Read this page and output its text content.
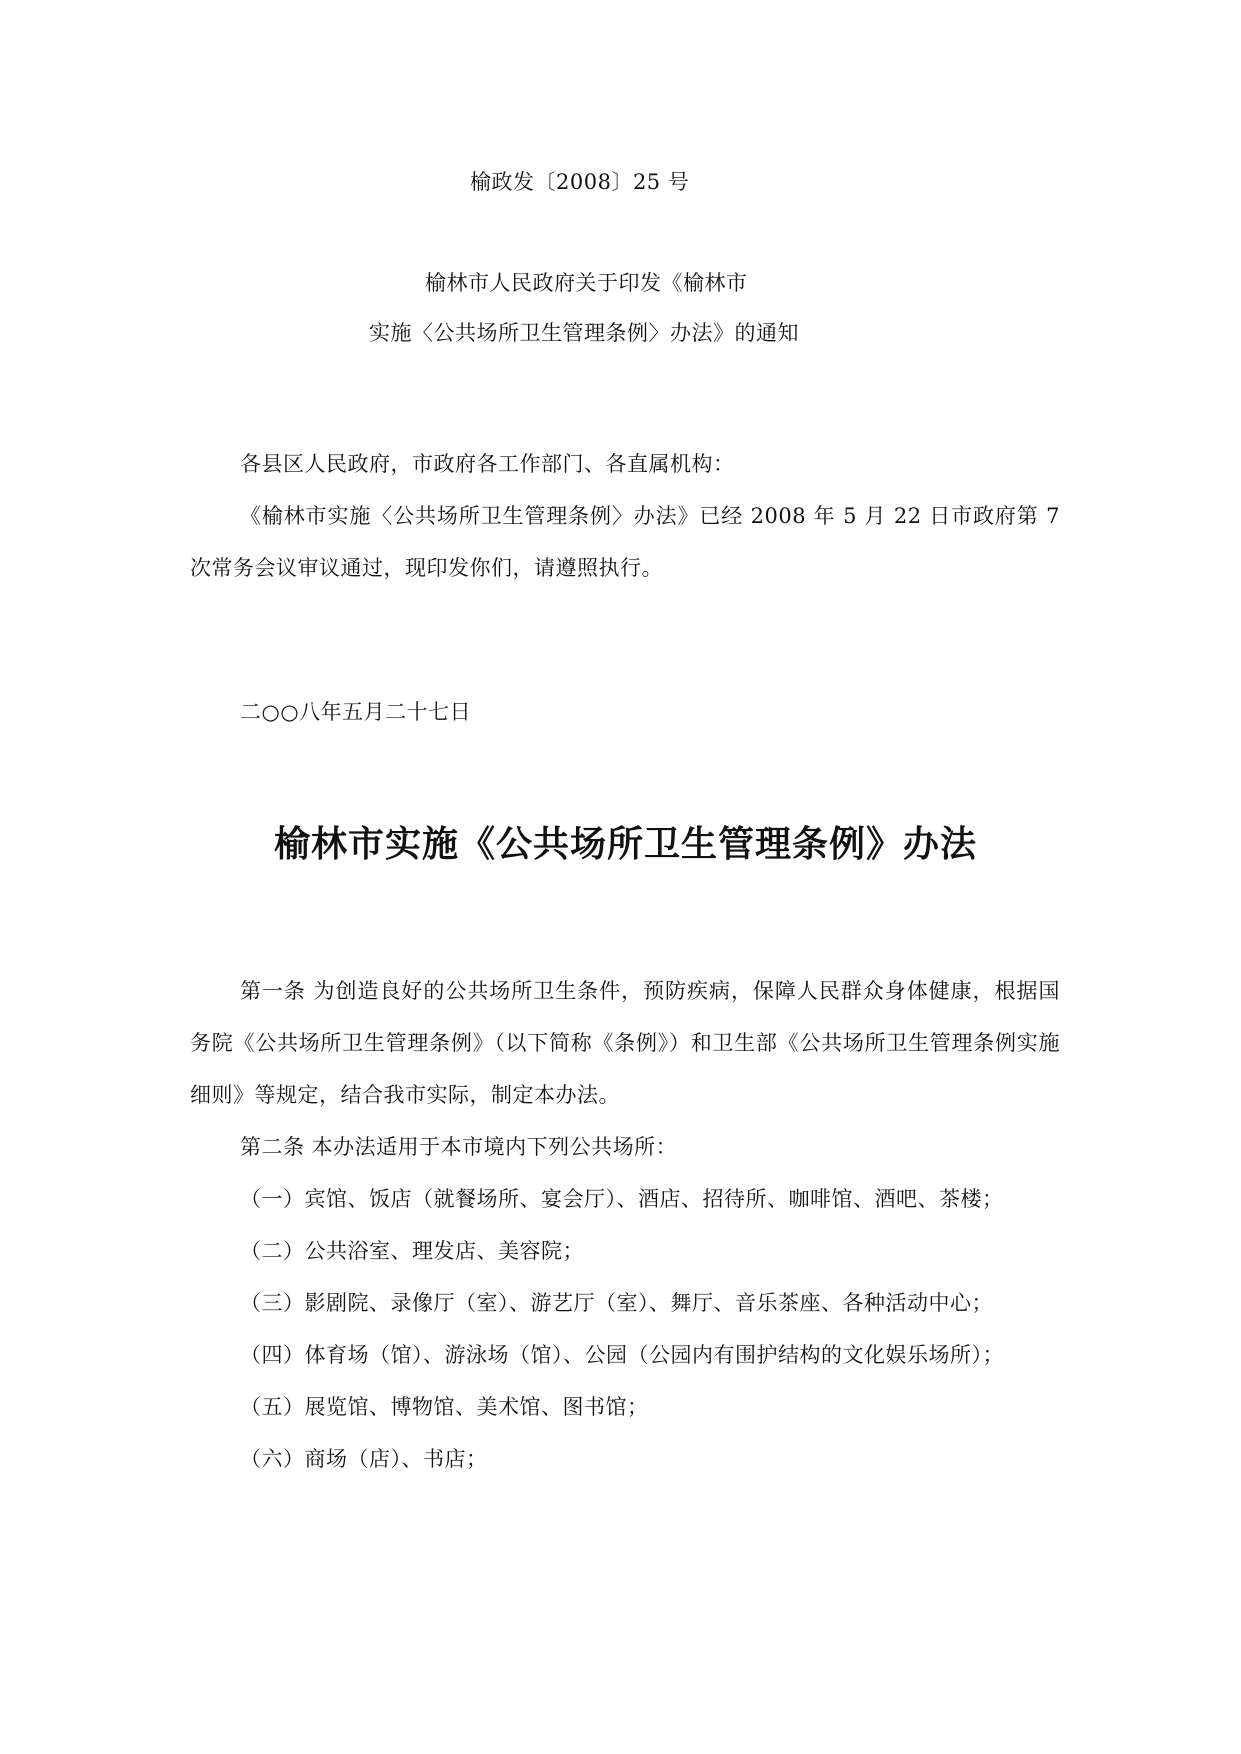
榆政发〔2008〕25 号
榆林市人民政府关于印发《榆林市
实施〈公共场所卫生管理条例〉办法》的通知

各县区人民政府，市政府各工作部门、各直属机构：

《榆林市实施〈公共场所卫生管理条例〉办法》已经 2008 年 5 月 22 日市政府第 7 次常务会议审议通过，现印发你们，请遵照执行。

二○○八年五月二十七日
榆林市实施《公共场所卫生管理条例》办法

第一条 为创造良好的公共场所卫生条件，预防疾病，保障人民群众身体健康，根据国务院《公共场所卫生管理条例》（以下简称《条例》）和卫生部《公共场所卫生管理条例实施细则》等规定，结合我市实际，制定本办法。

第二条 本办法适用于本市境内下列公共场所：

（一）宾馆、饭店（就餐场所、宴会厅）、酒店、招待所、咖啡馆、酒吧、茶楼；

（二）公共浴室、理发店、美容院；

（三）影剧院、录像厅（室）、游艺厅（室）、舞厅、音乐茶座、各种活动中心；

（四）体育场（馆）、游泳场（馆）、公园（公园内有围护结构的文化娱乐场所）；

（五）展览馆、博物馆、美术馆、图书馆；

（六）商场（店）、书店；
